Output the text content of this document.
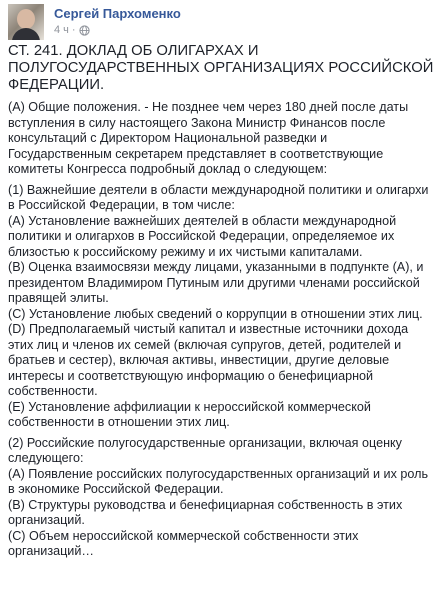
Сергей Пархоменко
4 ч ·

СТ. 241. ДОКЛАД ОБ ОЛИГАРХАХ И ПОЛУГОСУДАРСТВЕННЫХ ОРГАНИЗАЦИЯХ РОССИЙСКОЙ ФЕДЕРАЦИИ.

(А) Общие положения. - Не позднее чем через 180 дней после даты вступления в силу настоящего Закона Министр Финансов после консультаций с Директором Национальной разведки и Государственным секретарем представляет в соответствующие комитеты Конгресса подробный доклад о следующем:

(1) Важнейшие деятели в области международной политики и олигархи в Российской Федерации, в том числе:
(А) Установление важнейших деятелей в области международной политики и олигархов в Российской Федерации, определяемое их близостью к российскому режиму и их чистыми капиталами.
(B) Оценка взаимосвязи между лицами, указанными в подпункте (А), и президентом Владимиром Путиным или другими членами российской правящей элиты.
(C) Установление любых сведений о коррупции в отношении этих лиц.
(D) Предполагаемый чистый капитал и известные источники дохода этих лиц и членов их семей (включая супругов, детей, родителей и братьев и сестер), включая активы, инвестиции, другие деловые интересы и соответствующую информацию о бенефициарной собственности.
(E) Установление аффилиации к нероссийской коммерческой собственности в отношении этих лиц.

(2) Российские полугосударственные организации, включая оценку следующего:
(А) Появление российских полугосударственных организаций и их роль в экономике Российской Федерации.
(B) Структуры руководства и бенефициарная собственность в этих организаций.
(C) Объем нероссийской коммерческой собственности этих организаций…
